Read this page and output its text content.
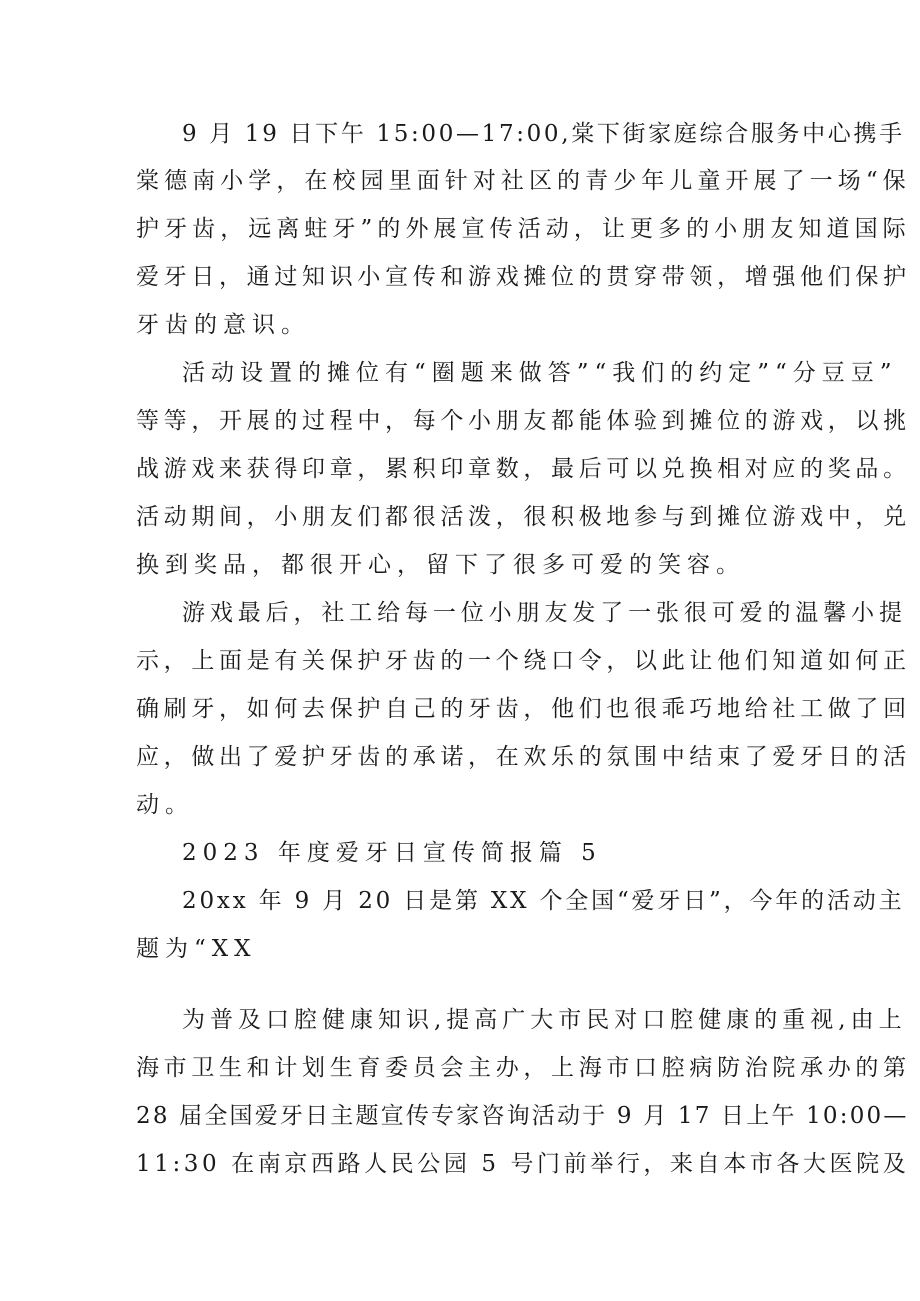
9 月 19 日下午 15:00—17:00,棠下街家庭综合服务中心携手

棠德南小学，在校园里面针对社区的青少年儿童开展了一场“保

护牙齿，远离蛀牙”的外展宣传活动，让更多的小朋友知道国际

爱牙日，通过知识小宣传和游戏摊位的贯穿带领，增强他们保护

牙齿的意识。

活动设置的摊位有“圈题来做答”“我们的约定”“分豆豆”

等等，开展的过程中，每个小朋友都能体验到摊位的游戏，以挑

战游戏来获得印章，累积印章数，最后可以兑换相对应的奖品。

活动期间，小朋友们都很活泼，很积极地参与到摊位游戏中，兑

换到奖品，都很开心，留下了很多可爱的笑容。

游戏最后，社工给每一位小朋友发了一张很可爱的温馨小提

示，上面是有关保护牙齿的一个绕口令，以此让他们知道如何正

确刷牙，如何去保护自己的牙齿，他们也很乖巧地给社工做了回

应，做出了爱护牙齿的承诺，在欢乐的氛围中结束了爱牙日的活

动。

2023 年度爱牙日宣传简报篇 5

20xx 年 9 月 20 日是第 XX 个全国“爱牙日”，今年的活动主

题为“XX

为普及口腔健康知识,提高广大市民对口腔健康的重视,由上

海市卫生和计划生育委员会主办，上海市口腔病防治院承办的第

28 届全国爱牙日主题宣传专家咨询活动于 9 月 17 日上午 10:00—

11:30 在南京西路人民公园 5 号门前举行，来自本市各大医院及
